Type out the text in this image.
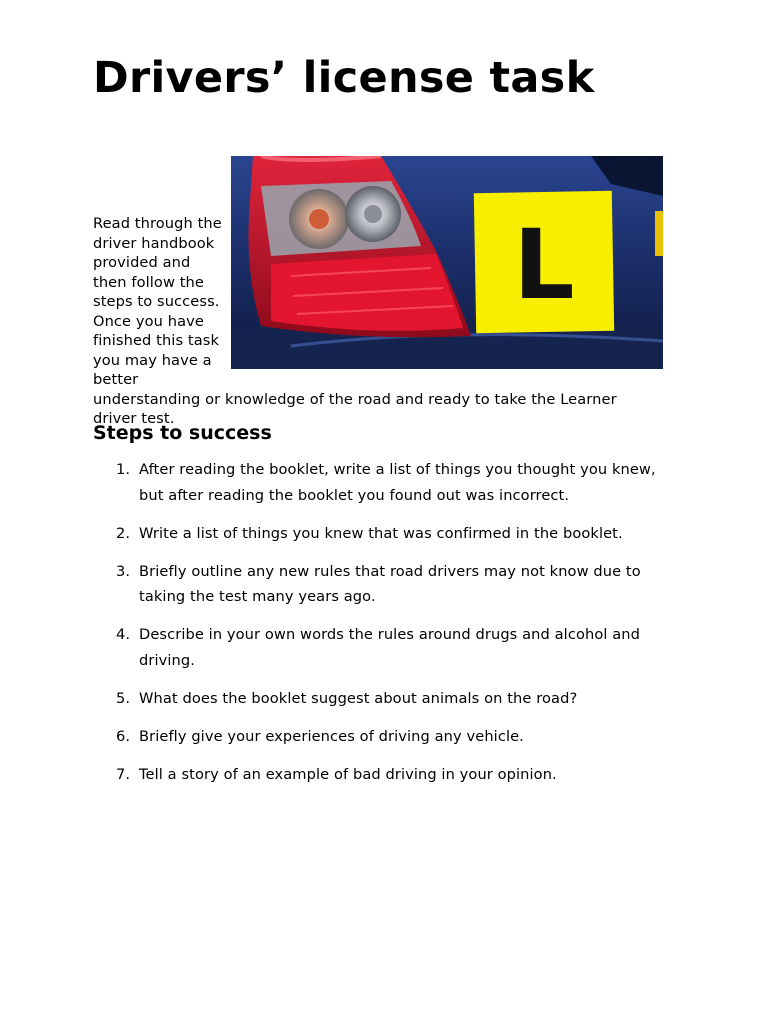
Drivers’ license task
L

Read through the driver handbook provided and then follow the steps to success. Once you have finished this task you may have a better understanding or knowledge of the road and ready to take the Learner driver test.

Steps to success
1. After reading the booklet, write a list of things you thought you knew, but after reading the booklet you found out was incorrect.
2. Write a list of things you knew that was confirmed in the booklet.
3. Briefly outline any new rules that road drivers may not know due to taking the test many years ago.
4. Describe in your own words the rules around drugs and alcohol and driving.
5. What does the booklet suggest about animals on the road?
6. Briefly give your experiences of driving any vehicle.
7. Tell a story of an example of bad driving in your opinion.
